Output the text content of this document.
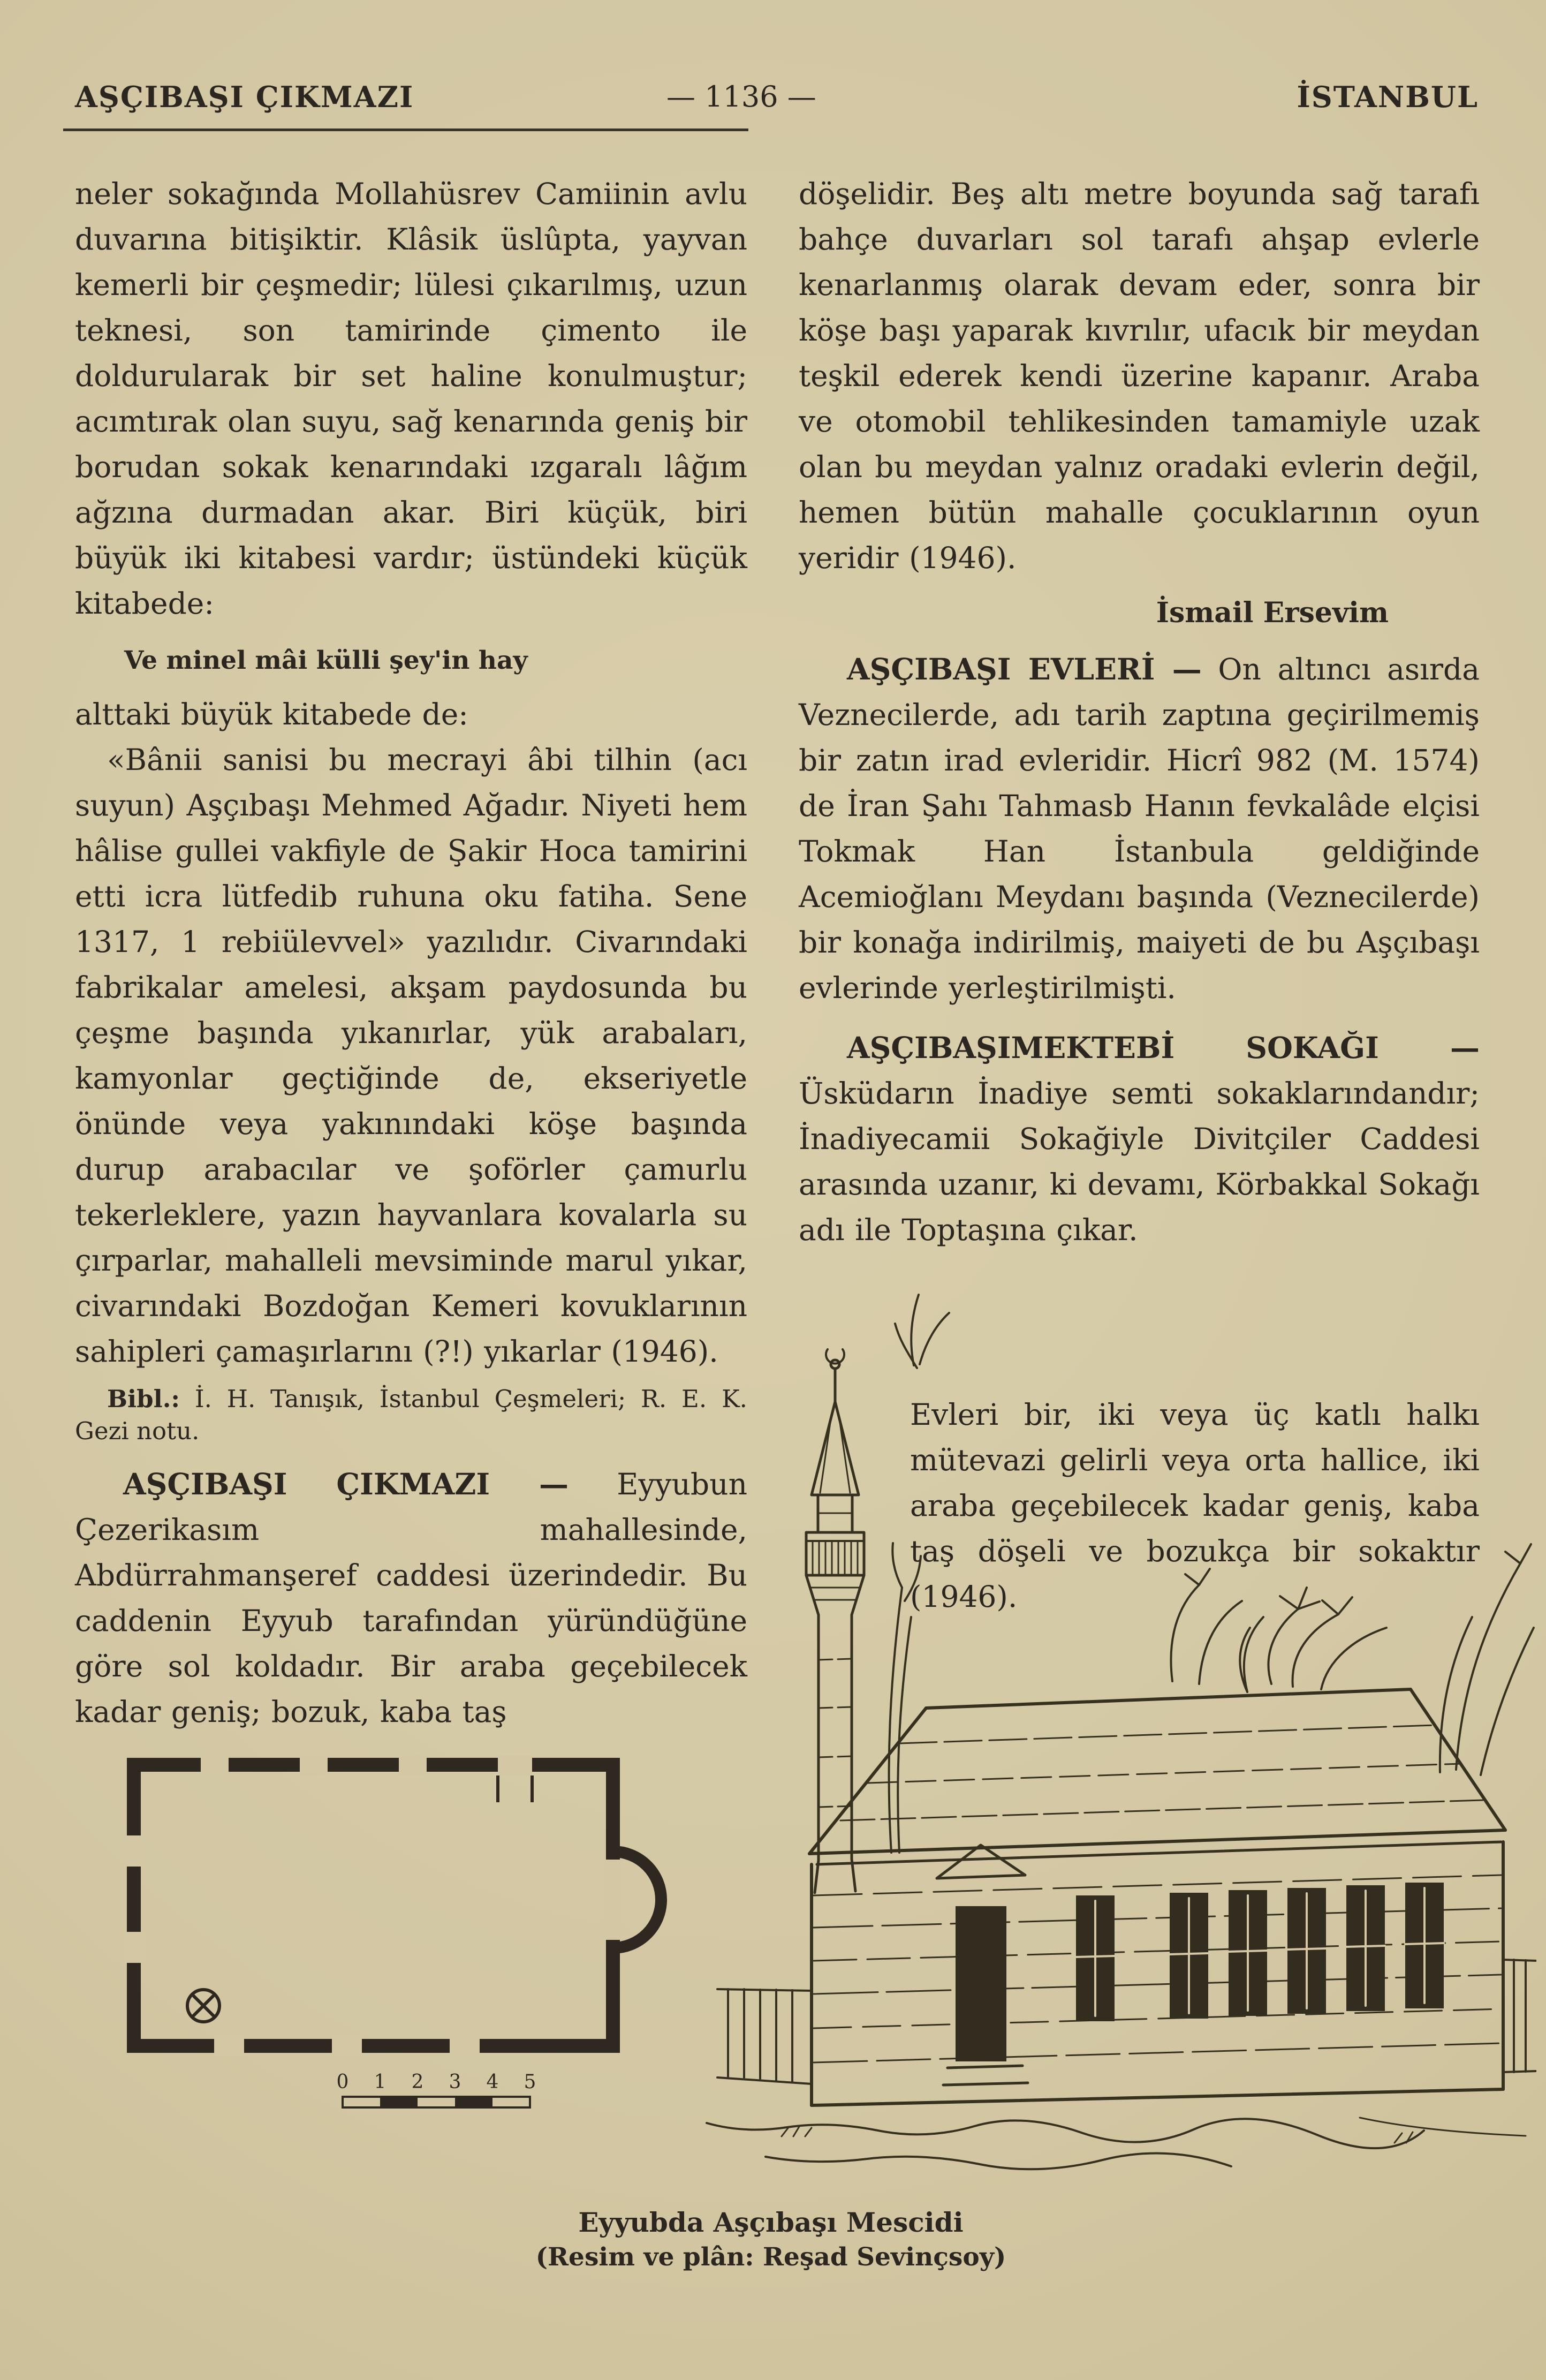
AŞÇIBAŞI ÇIKMAZI	— 1136 —	İSTANBUL

neler sokağında Mollahüsrev Camiinin avlu duvarına bitişiktir. Klâsik üslûpta, yayvan kemerli bir çeşmedir; lülesi çıkarılmış, uzun teknesi, son tamirinde çimento ile doldurularak bir set haline konulmuştur; acımtırak olan suyu, sağ kenarında geniş bir borudan sokak kenarındaki ızgaralı lâğım ağzına durmadan akar. Biri küçük, biri büyük iki kitabesi vardır; üstündeki küçük kitabede:

Ve minel mâi külli şey'in hay

alttaki büyük kitabede de:

«Bânii sanisi bu mecrayi âbi tilhin (acı suyun) Aşçıbaşı Mehmed Ağadır. Niyeti hem hâlise gullei vakfiyle de Şakir Hoca tamirini etti icra lütfedib ruhuna oku fatiha. Sene 1317, 1 rebiülevvel» yazılıdır. Civarındaki fabrikalar amelesi, akşam paydosunda bu çeşme başında yıkanırlar, yük arabaları, kamyonlar geçtiğinde de, ekseriyetle önünde veya yakınındaki köşe başında durup arabacılar ve şoförler çamurlu tekerleklere, yazın hayvanlara kovalarla su çırparlar, mahalleli mevsiminde marul yıkar, civarındaki Bozdoğan Kemeri kovuklarının sahipleri çamaşırlarını (?!) yıkarlar (1946).

Bibl.: İ. H. Tanışık, İstanbul Çeşmeleri; R. E. K. Gezi notu.

AŞÇIBAŞI ÇIKMAZI — Eyyubun Çezerikasım mahallesinde, Abdürrahmanşeref caddesi üzerindedir. Bu caddenin Eyyub tarafından yüründüğüne göre sol koldadır. Bir araba geçebilecek kadar geniş; bozuk, kaba taş

döşelidir. Beş altı metre boyunda sağ tarafı bahçe duvarları sol tarafı ahşap evlerle kenarlanmış olarak devam eder, sonra bir köşe başı yaparak kıvrılır, ufacık bir meydan teşkil ederek kendi üzerine kapanır. Araba ve otomobil tehlikesinden tamamiyle uzak olan bu meydan yalnız oradaki evlerin değil, hemen bütün mahalle çocuklarının oyun yeridir (1946).

İsmail Ersevim

AŞÇIBAŞI EVLERİ — On altıncı asırda Veznecilerde, adı tarih zaptına geçirilmemiş bir zatın irad evleridir. Hicrî 982 (M. 1574) de İran Şahı Tahmasb Hanın fevkalâde elçisi Tokmak Han İstanbula geldiğinde Acemioğlanı Meydanı başında (Veznecilerde) bir konağa indirilmiş, maiyeti de bu Aşçıbaşı evlerinde yerleştirilmişti.

AŞÇIBAŞIMEKTEBİ SOKAĞI — Üsküdarın İnadiye semti sokaklarındandır; İnadiyecamii Sokağiyle Divitçiler Caddesi arasında uzanır, ki devamı, Körbakkal Sokağı adı ile Toptaşına çıkar.

Evleri bir, iki veya üç katlı halkı mütevazi gelirli veya orta hallice, iki araba geçebilecek kadar geniş, kaba taş döşeli ve bozukça bir sokaktır (1946).

0 1 2 3 4 5
Eyyubda Aşçıbaşı Mescidi
(Resim ve plân: Reşad Sevinçsoy)
